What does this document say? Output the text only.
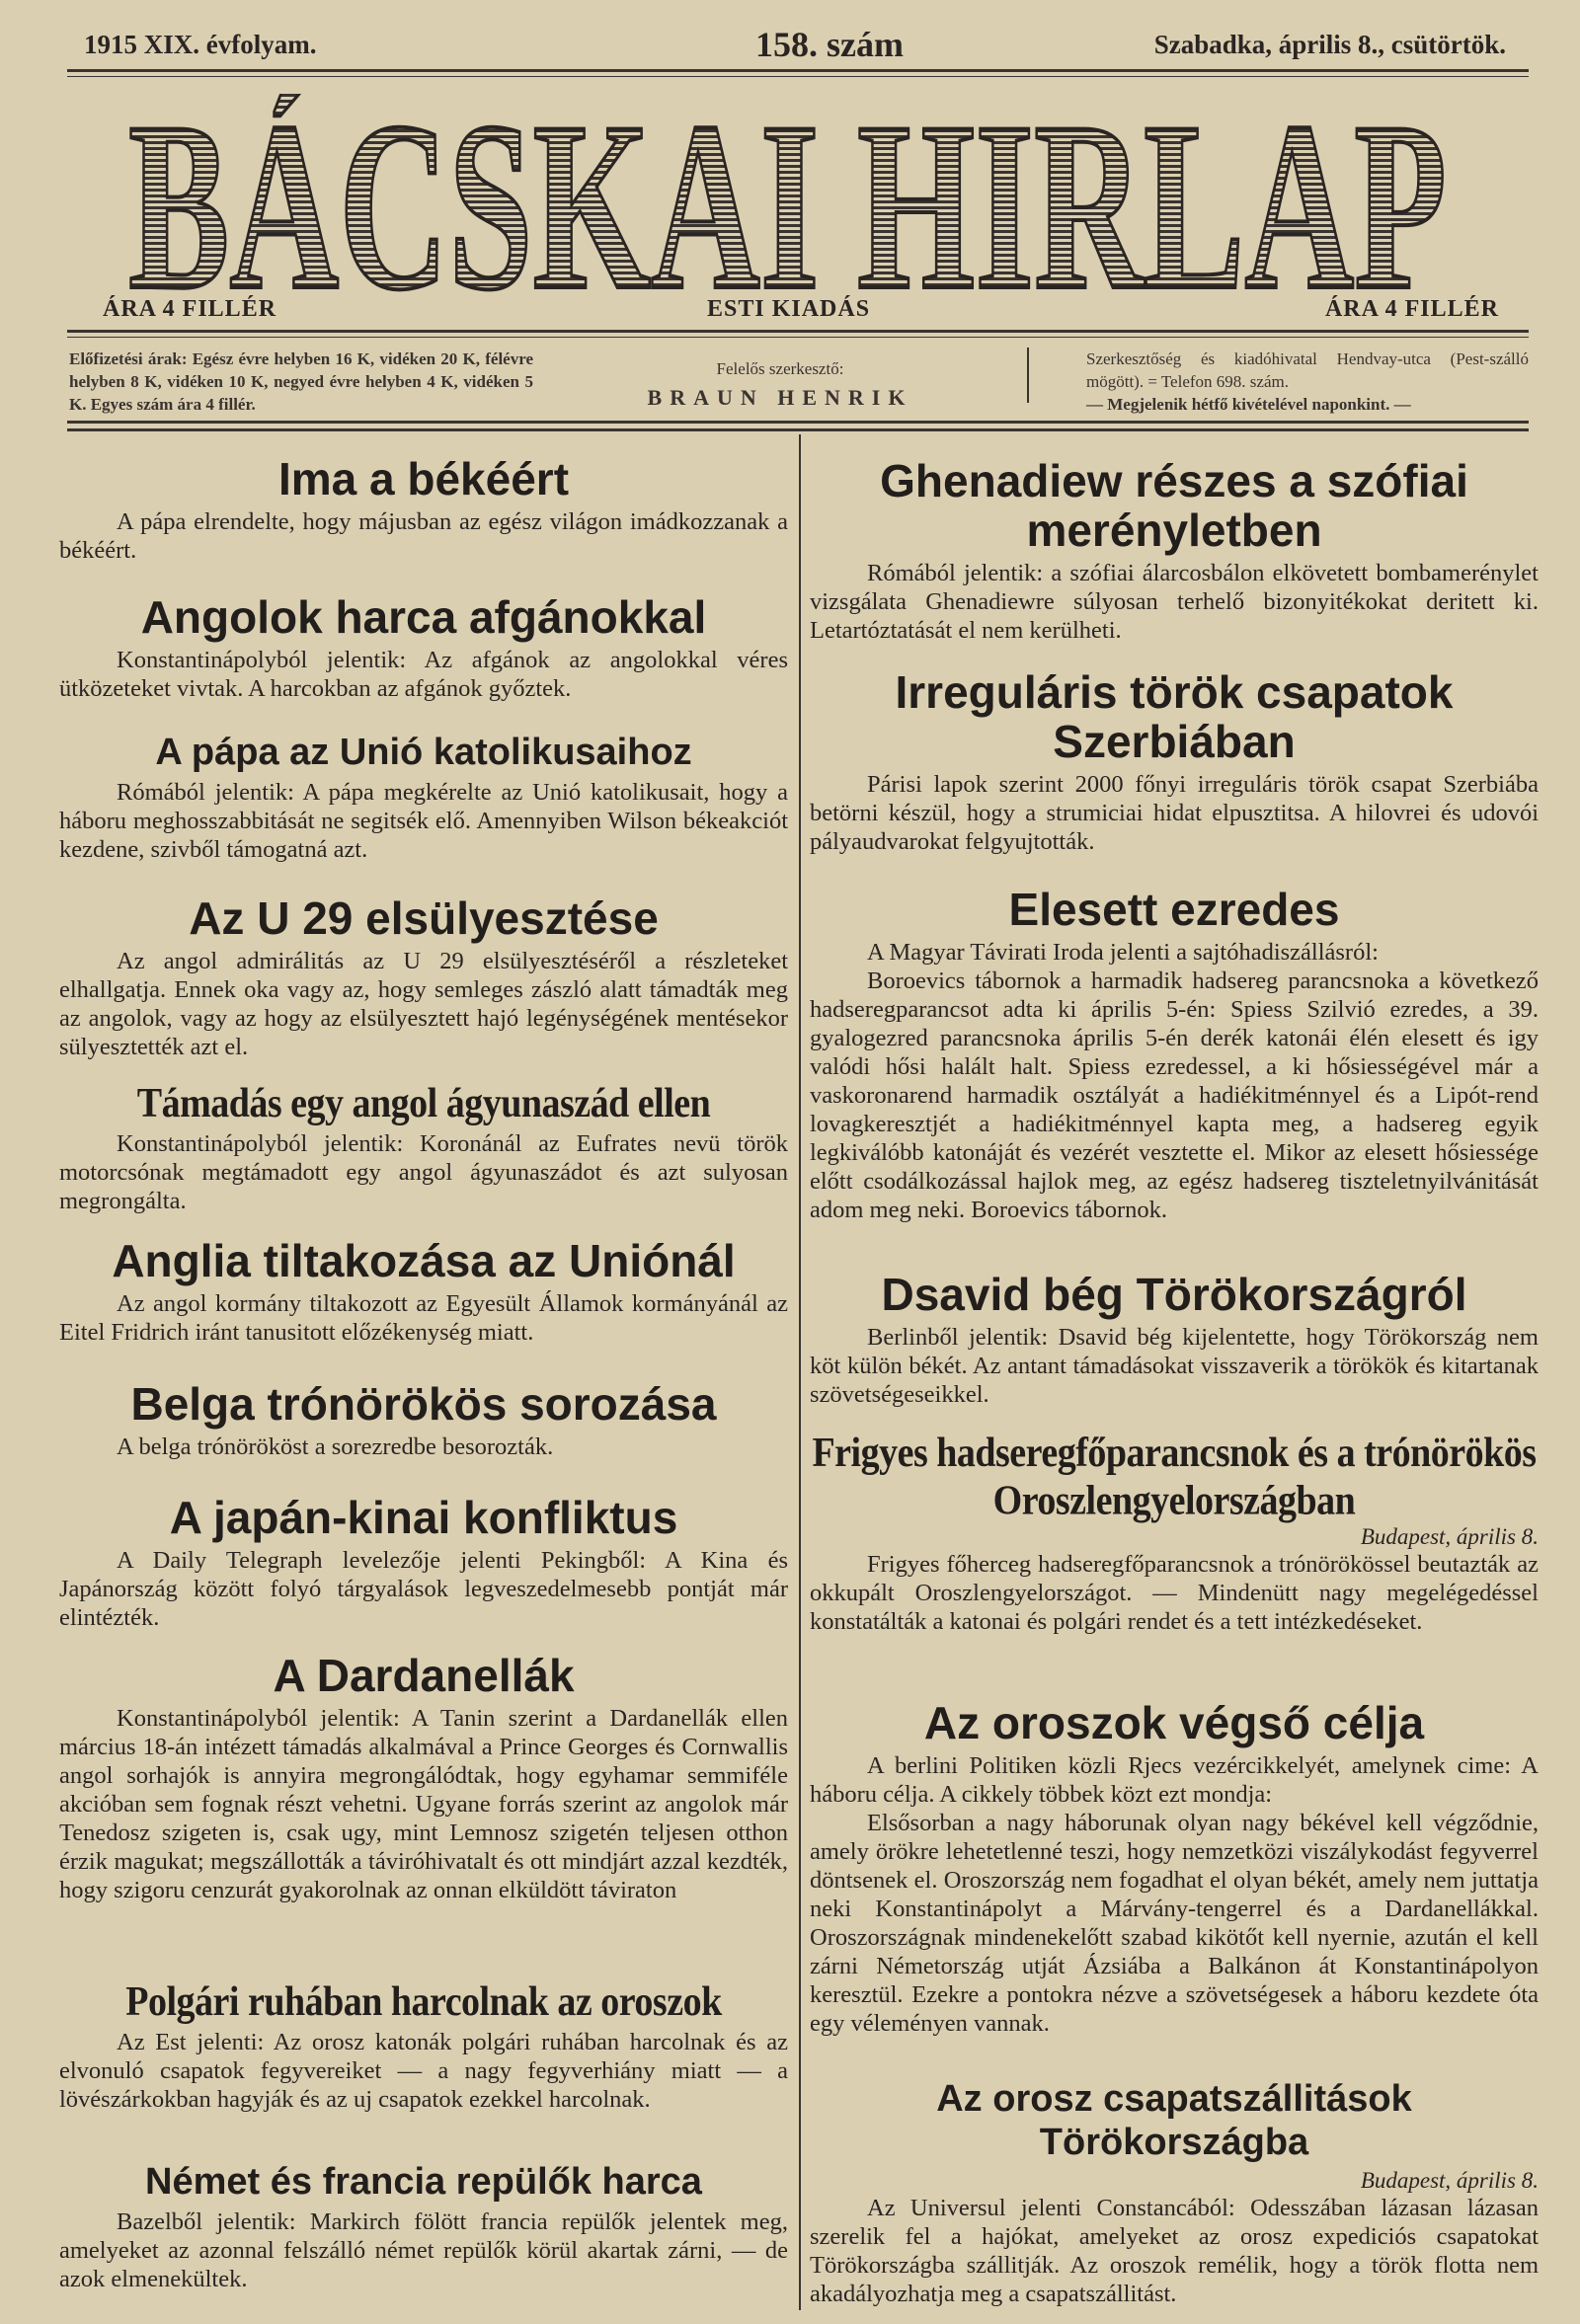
1915 XIX. évfolyam.	158. szám	Szabadka, április 8., csütörtök.
BÁCSKAI HIRLAP
ÁRA 4 FILLÉR	ESTI KIADÁS	ÁRA 4 FILLÉR
Előfizetési árak: Egész évre helyben 16 K, vidéken 20 K, félévre helyben 8 K, vidéken 10 K, negyed évre helyben 4 K, vidéken 5 K. Egyes szám ára 4 fillér.
Felelős szerkesztő:
BRAUN HENRIK
Szerkesztőség és kiadóhivatal Hendvay-utca (Pest-szálló mögött). = Telefon 698. szám.
— Megjelenik hétfő kivételével naponkint. —
Ima a békéért

A pápa elrendelte, hogy májusban az egész világon imádkozzanak a békéért.

Angolok harca afgánokkal

Konstantinápolyból jelentik: Az afgánok az angolokkal véres ütközeteket vivtak. A harcokban az afgánok győztek.

A pápa az Unió katolikusaihoz

Rómából jelentik: A pápa megkérelte az Unió katolikusait, hogy a háboru meghosszabbitását ne segitsék elő. Amennyiben Wilson békeakciót kezdene, szivből támogatná azt.

Az U 29 elsülyesztése

Az angol admirálitás az U 29 elsülyesztéséről a részleteket elhallgatja. Ennek oka vagy az, hogy semleges zászló alatt támadták meg az angolok, vagy az hogy az elsülyesztett hajó legénységének mentésekor sülyesztették azt el.

Támadás egy angol ágyunaszád ellen

Konstantinápolyból jelentik: Koronánál az Eufrates nevü török motorcsónak megtámadott egy angol ágyunaszádot és azt sulyosan megrongálta.

Anglia tiltakozása az Uniónál

Az angol kormány tiltakozott az Egyesült Államok kormányánál az Eitel Fridrich iránt tanusitott előzékenység miatt.

Belga trónörökös sorozása

A belga trónörököst a sorezredbe besorozták.

A japán-kinai konfliktus

A Daily Telegraph levelezője jelenti Pekingből: A Kina és Japánország között folyó tárgyalások legveszedelmesebb pontját már elintézték.

A Dardanellák

Konstantinápolyból jelentik: A Tanin szerint a Dardanellák ellen március 18-án intézett támadás alkalmával a Prince Georges és Cornwallis angol sorhajók is annyira megrongálódtak, hogy egyhamar semmiféle akcióban sem fognak részt vehetni. Ugyane forrás szerint az angolok már Tenedosz szigeten is, csak ugy, mint Lemnosz szigetén teljesen otthon érzik magukat; megszállották a táviróhivatalt és ott mindjárt azzal kezdték, hogy szigoru cenzurát gyakorolnak az onnan elküldött táviraton

Polgári ruhában harcolnak az oroszok

Az Est jelenti: Az orosz katonák polgári ruhában harcolnak és az elvonuló csapatok fegyvereiket — a nagy fegyverhiány miatt — a lövészárkokban hagyják és az uj csapatok ezekkel harcolnak.

Német és francia repülők harca

Bazelből jelentik: Markirch fölött francia repülők jelentek meg, amelyeket az azonnal felszálló német repülők körül akartak zárni, — de azok elmenekültek.

Ghenadiew részes a szófiai merényletben

Rómából jelentik: a szófiai álarcosbálon elkövetett bombamerénylet vizsgálata Ghenadiewre súlyosan terhelő bizonyitékokat deritett ki. Letartóztatását el nem kerülheti.

Irreguláris török csapatok Szerbiában

Párisi lapok szerint 2000 főnyi irreguláris török csapat Szerbiába betörni készül, hogy a strumiciai hidat elpusztitsa. A hilovrei és udovói pályaudvarokat felgyujtották.

Elesett ezredes

A Magyar Távirati Iroda jelenti a sajtóhadiszállásról:

Boroevics tábornok a harmadik hadsereg parancsnoka a következő hadseregparancsot adta ki április 5-én: Spiess Szilvió ezredes, a 39. gyalogezred parancsnoka április 5-én derék katonái élén elesett és igy valódi hősi halált halt. Spiess ezredessel, a ki hősiességével már a vaskoronarend harmadik osztályát a hadiékitménnyel és a Lipót-rend lovagkeresztjét a hadiékitménnyel kapta meg, a hadsereg egyik legkiválóbb katonáját és vezérét vesztette el. Mikor az elesett hősiessége előtt csodálkozással hajlok meg, az egész hadsereg tiszteletnyilvánitását adom meg neki. Boroevics tábornok.

Dsavid bég Törökországról

Berlinből jelentik: Dsavid bég kijelentette, hogy Törökország nem köt külön békét. Az antant támadásokat visszaverik a törökök és kitartanak szövetségeseikkel.

Frigyes hadseregfőparancsnok és a trónörökös Oroszlengyelországban
Budapest, április 8.

Frigyes főherceg hadseregfőparancsnok a trónörökössel beutazták az okkupált Oroszlengyelországot. — Mindenütt nagy megelégedéssel konstatálták a katonai és polgári rendet és a tett intézkedéseket.

Az oroszok végső célja

A berlini Politiken közli Rjecs vezércikkelyét, amelynek cime: A háboru célja. A cikkely többek közt ezt mondja:

Elsősorban a nagy háborunak olyan nagy békével kell végződnie, amely örökre lehetetlenné teszi, hogy nemzetközi viszálykodást fegyverrel döntsenek el. Oroszország nem fogadhat el olyan békét, amely nem juttatja neki Konstantinápolyt a Márvány-tengerrel és a Dardanellákkal. Oroszországnak mindenekelőtt szabad kikötőt kell nyernie, azután el kell zárni Németország utját Ázsiába a Balkánon át Konstantinápolyon keresztül. Ezekre a pontokra nézve a szövetségesek a háboru kezdete óta egy véleményen vannak.

Az orosz csapatszállitások Törökországba
Budapest, április 8.

Az Universul jelenti Constancából: Odesszában lázasan lázasan szerelik fel a hajókat, amelyeket az orosz expediciós csapatokat Törökországba szállitják. Az oroszok remélik, hogy a török flotta nem akadályozhatja meg a csapatszállitást.
